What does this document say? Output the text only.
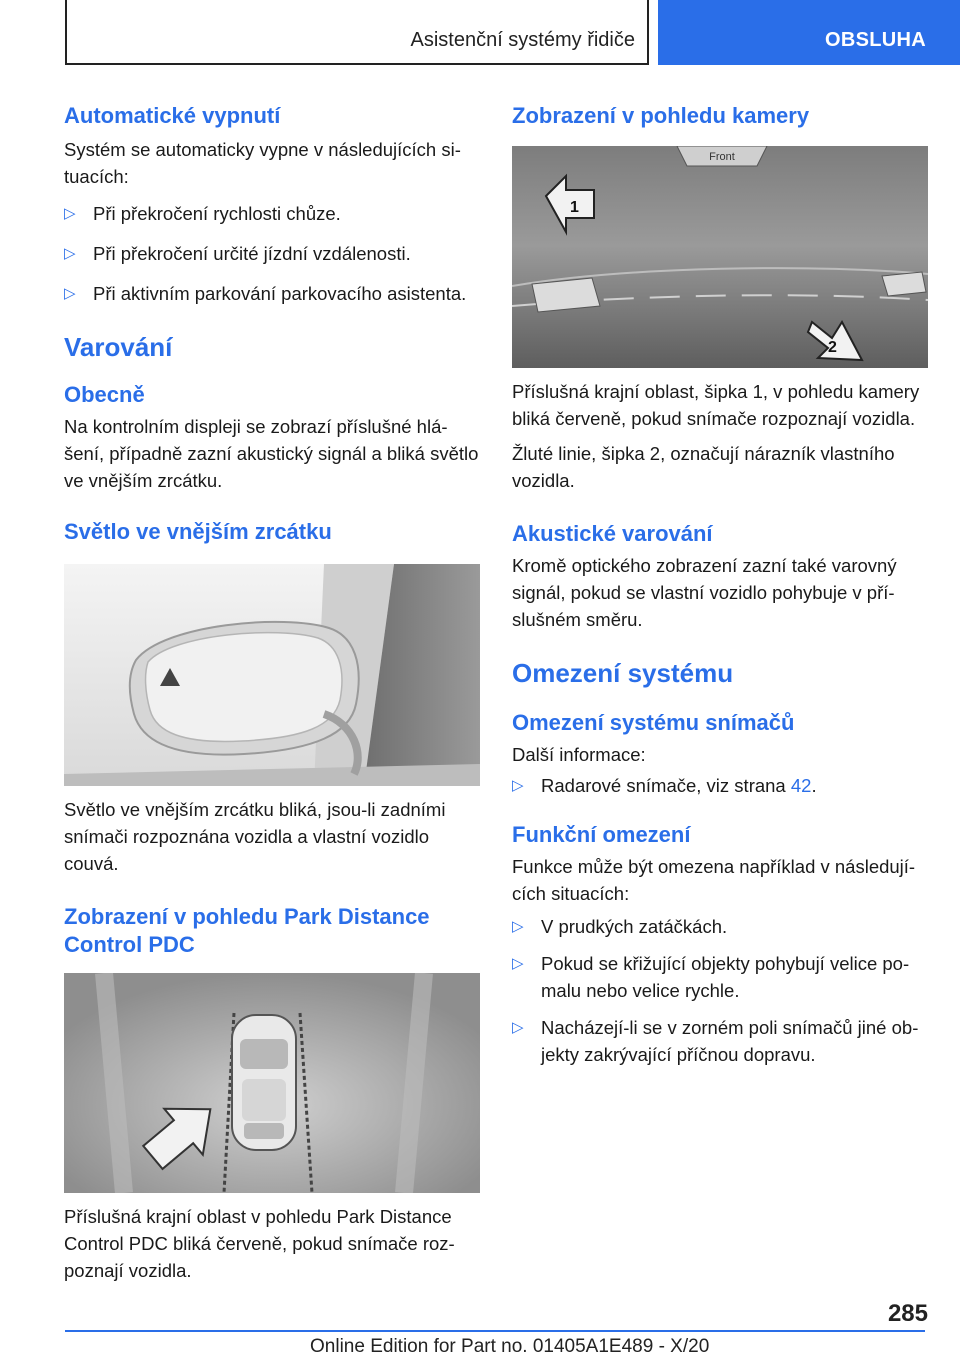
Asistenční systémy řidiče	OBSLUHA
Automatické vypnutí

Systém se automaticky vypne v následujících si-
tuacích:

▷ Při překročení rychlosti chůze.
▷ Při překročení určité jízdní vzdálenosti.
▷ Při aktivním parkování parkovacího asistenta.
Varování
Obecně

Na kontrolním displeji se zobrazí příslušné hlá-
šení, případně zazní akustický signál a bliká světlo
ve vnějším zrcátku.

Světlo ve vnějším zrcátku

Světlo ve vnějším zrcátku bliká, jsou-li zadními
snímači rozpoznána vozidla a vlastní vozidlo
couvá.

Zobrazení v pohledu Park Distance
Control PDC

Příslušná krajní oblast v pohledu Park Distance
Control PDC bliká červeně, pokud snímače roz-
poznají vozidla.

Zobrazení v pohledu kamery
Front
1
2

Příslušná krajní oblast, šipka 1, v pohledu kamery
bliká červeně, pokud snímače rozpoznají vozidla.

Žluté linie, šipka 2, označují nárazník vlastního
vozidla.

Akustické varování

Kromě optického zobrazení zazní také varovný
signál, pokud se vlastní vozidlo pohybuje v pří-
slušném směru.

Omezení systému
Omezení systému snímačů

Další informace:

▷ Radarové snímače, viz strana 42.
Funkční omezení

Funkce může být omezena například v následují-
cích situacích:

▷ V prudkých zatáčkách.
▷ Pokud se křižující objekty pohybují velice po-
malu nebo velice rychle.
▷ Nacházejí-li se v zorném poli snímačů jiné ob-
jekty zakrývající příčnou dopravu.
285
Online Edition for Part no. 01405A1E489 - X/20
